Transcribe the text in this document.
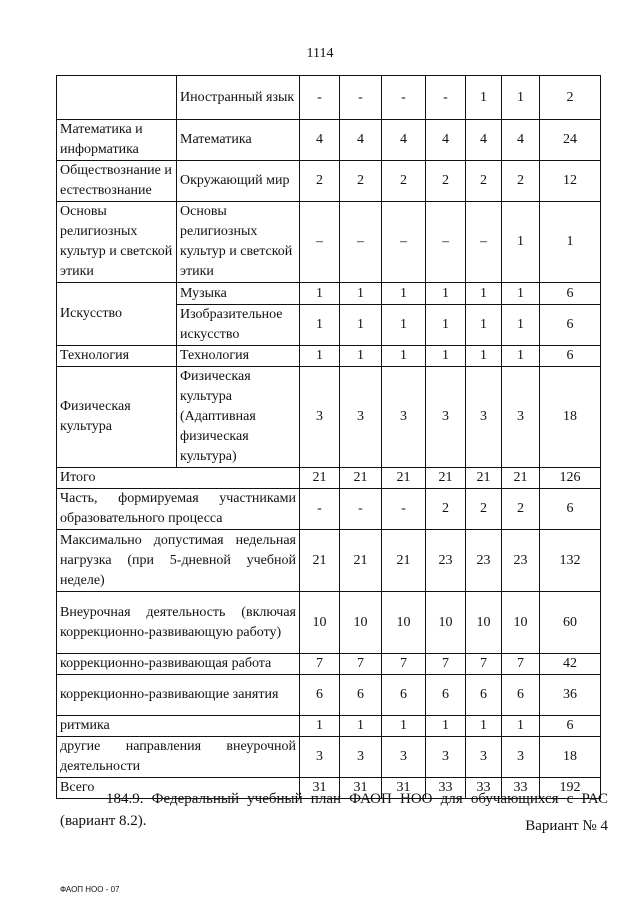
1114
	Иностранный язык	-	-	-	-	1	1	2
Математика и информатика	Математика	4	4	4	4	4	4	24
Обществознание и естествознание	Окружающий мир	2	2	2	2	2	2	12
Основы религиозных культур и светской этики	Основы религиозных культур и светской этики	–	–	–	–	–	1	1
Искусство	Музыка	1	1	1	1	1	1	6
	Изобразительное искусство	1	1	1	1	1	1	6
Технология	Технология	1	1	1	1	1	1	6
Физическая культура	Физическая культура (Адаптивная физическая культура)	3	3	3	3	3	3	18
Итого		21	21	21	21	21	21	126
Часть, формируемая участниками образовательного процесса		-	-	-	2	2	2	6
Максимально допустимая недельная нагрузка (при 5-дневной учебной неделе)		21	21	21	23	23	23	132
Внеурочная деятельность (включая коррекционно-развивающую работу)		10	10	10	10	10	10	60
коррекционно-развивающая работа		7	7	7	7	7	7	42
коррекционно-развивающие занятия		6	6	6	6	6	6	36
ритмика		1	1	1	1	1	1	6
другие направления внеурочной деятельности		3	3	3	3	3	3	18
Всего		31	31	31	33	33	33	192
184.9. Федеральный учебный план ФАОП НОО для обучающихся с РАС (вариант 8.2).	Вариант № 4
ФАОП НОО - 07
